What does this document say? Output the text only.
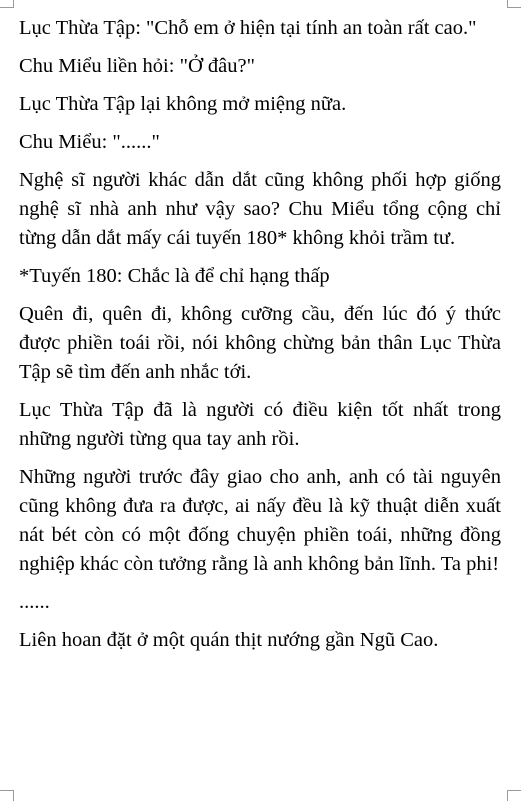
Lục Thừa Tập: "Chỗ em ở hiện tại tính an toàn rất cao."

Chu Miểu liền hỏi: "Ở đâu?"

Lục Thừa Tập lại không mở miệng nữa.

Chu Miểu: "......"

Nghệ sĩ người khác dẫn dắt cũng không phối hợp giống nghệ sĩ nhà anh như vậy sao? Chu Miểu tổng cộng chỉ từng dẫn dắt mấy cái tuyến 180* không khỏi trầm tư.

*Tuyến 180: Chắc là để chỉ hạng thấp

Quên đi, quên đi, không cưỡng cầu, đến lúc đó ý thức được phiền toái rồi, nói không chừng bản thân Lục Thừa Tập sẽ tìm đến anh nhắc tới.

Lục Thừa Tập đã là người có điều kiện tốt nhất trong những người từng qua tay anh rồi.

Những người trước đây giao cho anh, anh có tài nguyên cũng không đưa ra được, ai nấy đều là kỹ thuật diễn xuất nát bét còn có một đống chuyện phiền toái, những đồng nghiệp khác còn tưởng rằng là anh không bản lĩnh. Ta phi!

......

Liên hoan đặt ở một quán thịt nướng gần Ngũ Cao.
